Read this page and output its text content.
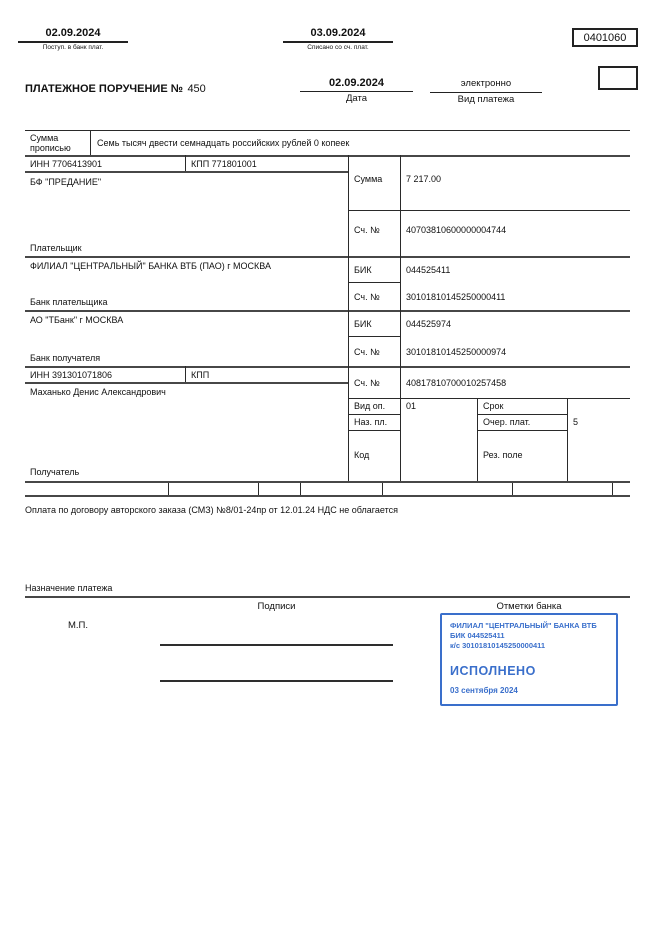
02.09.2024
Поступ. в банк плат.
03.09.2024
Списано со сч. плат.
0401060
ПЛАТЕЖНОЕ ПОРУЧЕНИЕ № 450	02.09.2024
Дата
электронно
Вид платежа
Сумма прописью	Семь тысяч двести семнадцать российских рублей 0 копеек
ИНН 7706413901	КПП 771801001
БФ "ПРЕДАНИЕ"
Плательщик
Сумма	7 217.00
Сч. №	40703810600000004744
ФИЛИАЛ "ЦЕНТРАЛЬНЫЙ" БАНКА ВТБ (ПАО) г МОСКВА
Банк плательщика
БИК	044525411
Сч. №	30101810145250000411
АО "ТБанк" г МОСКВА
Банк получателя
БИК	044525974
Сч. №	30101810145250000974
ИНН 391301071806	КПП
Маханько Денис Александрович
Получатель
Сч. №	40817810700010257458
Вид оп. 01	Срок
Наз. пл.	Очер. плат.	5
Код	Рез. поле
Оплата по договору авторского заказа (СМЗ) №8/01-24пр от 12.01.24 НДС не облагается
Назначение платежа
Подписи	Отметки банка
М.П.	ФИЛИАЛ "ЦЕНТРАЛЬНЫЙ" БАНКА ВТБ
БИК 044525411
к/с 30101810145250000411
ИСПОЛНЕНО
03 сентября 2024
